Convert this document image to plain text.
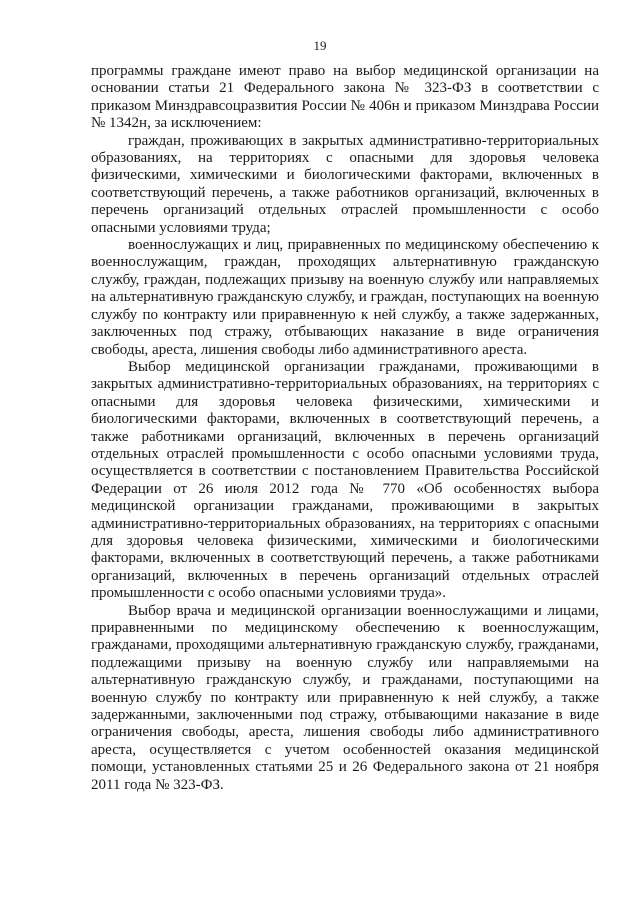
19

программы граждане имеют право на выбор медицинской организации на основании статьи 21 Федерального закона № 323-ФЗ в соответствии с приказом Минздравсоцразвития России № 406н и приказом Минздрава России № 1342н, за исключением:

граждан, проживающих в закрытых административно-территориальных образованиях, на территориях с опасными для здоровья человека физическими, химическими и биологическими факторами, включенных в соответствующий перечень, а также работников организаций, включенных в перечень организаций отдельных отраслей промышленности с особо опасными условиями труда;

военнослужащих и лиц, приравненных по медицинскому обеспечению к военнослужащим, граждан, проходящих альтернативную гражданскую службу, граждан, подлежащих призыву на военную службу или направляемых на альтернативную гражданскую службу, и граждан, поступающих на военную службу по контракту или приравненную к ней службу, а также задержанных, заключенных под стражу, отбывающих наказание в виде ограничения свободы, ареста, лишения свободы либо административного ареста.

Выбор медицинской организации гражданами, проживающими в закрытых административно-территориальных образованиях, на территориях с опасными для здоровья человека физическими, химическими и биологическими факторами, включенных в соответствующий перечень, а также работниками организаций, включенных в перечень организаций отдельных отраслей промышленности с особо опасными условиями труда, осуществляется в соответствии с постановлением Правительства Российской Федерации от 26 июля 2012 года № 770 «Об особенностях выбора медицинской организации гражданами, проживающими в закрытых административно-территориальных образованиях, на территориях с опасными для здоровья человека физическими, химическими и биологическими факторами, включенных в соответствующий перечень, а также работниками организаций, включенных в перечень организаций отдельных отраслей промышленности с особо опасными условиями труда».

Выбор врача и медицинской организации военнослужащими и лицами, приравненными по медицинскому обеспечению к военнослужащим, гражданами, проходящими альтернативную гражданскую службу, гражданами, подлежащими призыву на военную службу или направляемыми на альтернативную гражданскую службу, и гражданами, поступающими на военную службу по контракту или приравненную к ней службу, а также задержанными, заключенными под стражу, отбывающими наказание в виде ограничения свободы, ареста, лишения свободы либо административного ареста, осуществляется с учетом особенностей оказания медицинской помощи, установленных статьями 25 и 26 Федерального закона от 21 ноября 2011 года № 323-ФЗ.
